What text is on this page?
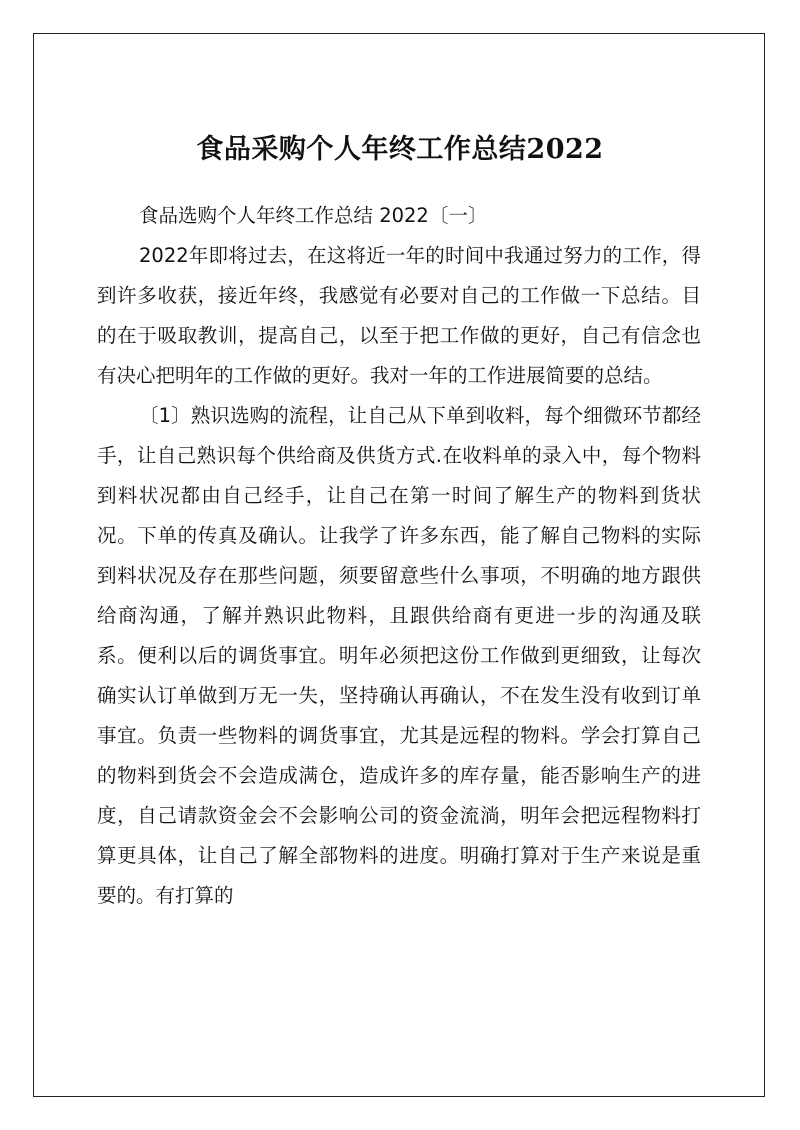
食品采购个人年终工作总结2022

食品选购个人年终工作总结 2022〔一〕

2022年即将过去，在这将近一年的时间中我通过努力的工作，得到许多收获，接近年终，我感觉有必要对自己的工作做一下总结。目的在于吸取教训，提高自己，以至于把工作做的更好，自己有信念也有决心把明年的工作做的更好。我对一年的工作进展简要的总结。

〔1〕熟识选购的流程，让自己从下单到收料，每个细微环节都经手，让自己熟识每个供给商及供货方式.在收料单的录入中，每个物料到料状况都由自己经手，让自己在第一时间了解生产的物料到货状况。下单的传真及确认。让我学了许多东西，能了解自己物料的实际到料状况及存在那些问题，须要留意些什么事项，不明确的地方跟供给商沟通，了解并熟识此物料，且跟供给商有更进一步的沟通及联系。便利以后的调货事宜。明年必须把这份工作做到更细致，让每次确实认订单做到万无一失，坚持确认再确认，不在发生没有收到订单事宜。负责一些物料的调货事宜，尤其是远程的物料。学会打算自己的物料到货会不会造成满仓，造成许多的库存量，能否影响生产的进度，自己请款资金会不会影响公司的资金流淌，明年会把远程物料打算更具体，让自己了解全部物料的进度。明确打算对于生产来说是重要的。有打算的
